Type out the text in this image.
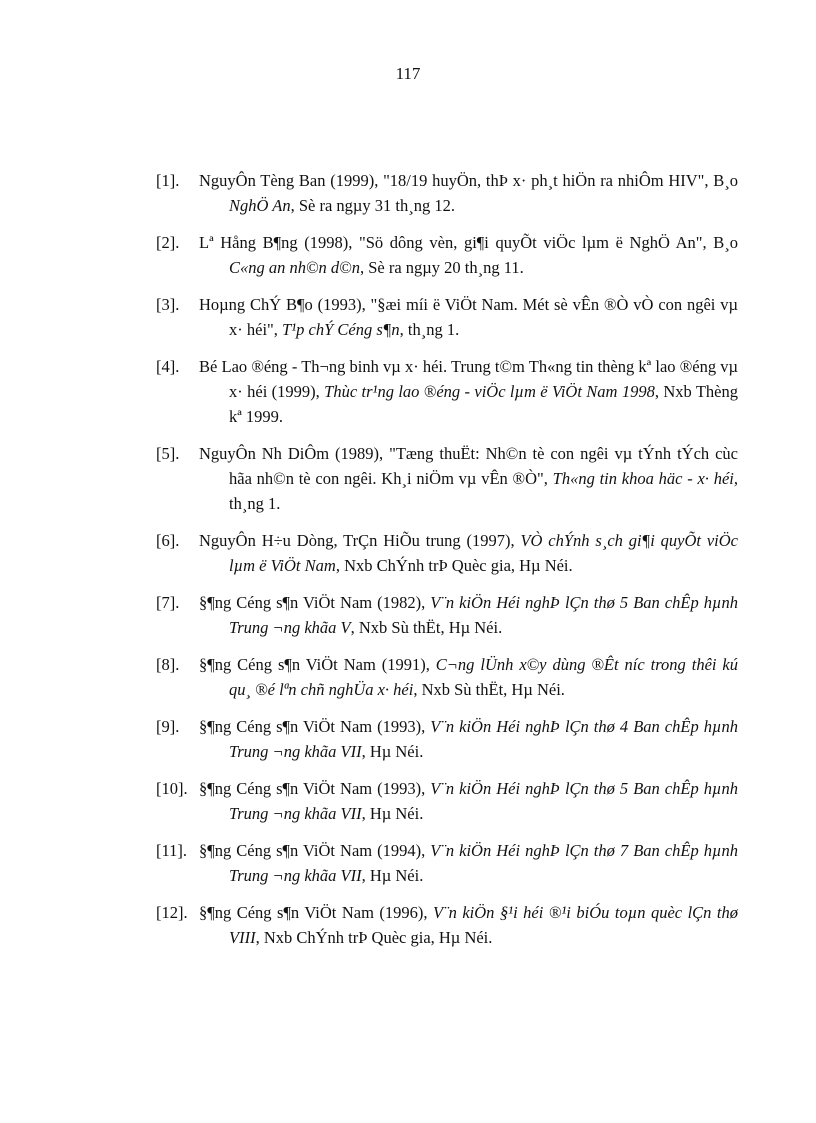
117
[1]. NguyÔn Tèng Ban (1999), "18/19 huyÖn, thÞ x· ph¸t hiÖn ra nhiÔm HIV", B¸o NghÖ An, Sè ra ngµy 31 th¸ng 12.
[2]. Lª Hång B¶ng (1998), "Sö dông vèn, gi¶i quyÕt viÖc lµm ë NghÖ An", B¸o C«ng an nh©n d©n, Sè ra ngµy 20 th¸ng 11.
[3]. Hoµng ChÝ B¶o (1993), "§æi míi ë ViÖt Nam. Mét sè vÊn ®Ò vÒ con ngêi vµ x· héi", T¹p chÝ Céng s¶n, th¸ng 1.
[4]. Bé Lao ®éng - Th¬ng binh vµ x· héi. Trung t©m Th«ng tin thèng kª lao ®éng vµ x· héi (1999), Thùc tr¹ng lao ®éng - viÖc lµm ë ViÖt Nam 1998, Nxb Thèng kª 1999.
[5]. NguyÔn Nh DiÔm (1989), "Tæng thuËt: Nh©n tè con ngêi vµ tÝnh tÝch cùc hãa nh©n tè con ngêi. Kh¸i niÖm vµ vÊn ®Ò", Th«ng tin khoa häc - x· héi, th¸ng 1.
[6]. NguyÔn H÷u Dòng, TrÇn HiÕu trung (1997), VÒ chÝnh s¸ch gi¶i quyÕt viÖc lµm ë ViÖt Nam, Nxb ChÝnh trÞ Quèc gia, Hµ Néi.
[7]. §¶ng Céng s¶n ViÖt Nam (1982), V¨n kiÖn Héi nghÞ lÇn thø 5 Ban chÊp hµnh Trung ¬ng khãa V, Nxb Sù thËt, Hµ Néi.
[8]. §¶ng Céng s¶n ViÖt Nam (1991), C¬ng lÜnh x©y dùng ®Êt níc trong thêi kú qu¸ ®é lªn chñ nghÜa x· héi, Nxb Sù thËt, Hµ Néi.
[9]. §¶ng Céng s¶n ViÖt Nam (1993), V¨n kiÖn Héi nghÞ lÇn thø 4 Ban chÊp hµnh Trung ¬ng khãa VII, Hµ Néi.
[10]. §¶ng Céng s¶n ViÖt Nam (1993), V¨n kiÖn Héi nghÞ lÇn thø 5 Ban chÊp hµnh Trung ¬ng khãa VII, Hµ Néi.
[11]. §¶ng Céng s¶n ViÖt Nam (1994), V¨n kiÖn Héi nghÞ lÇn thø 7 Ban chÊp hµnh Trung ¬ng khãa VII, Hµ Néi.
[12]. §¶ng Céng s¶n ViÖt Nam (1996), V¨n kiÖn §¹i héi ®¹i biÓu toµn quèc lÇn thø VIII, Nxb ChÝnh trÞ Quèc gia, Hµ Néi.
